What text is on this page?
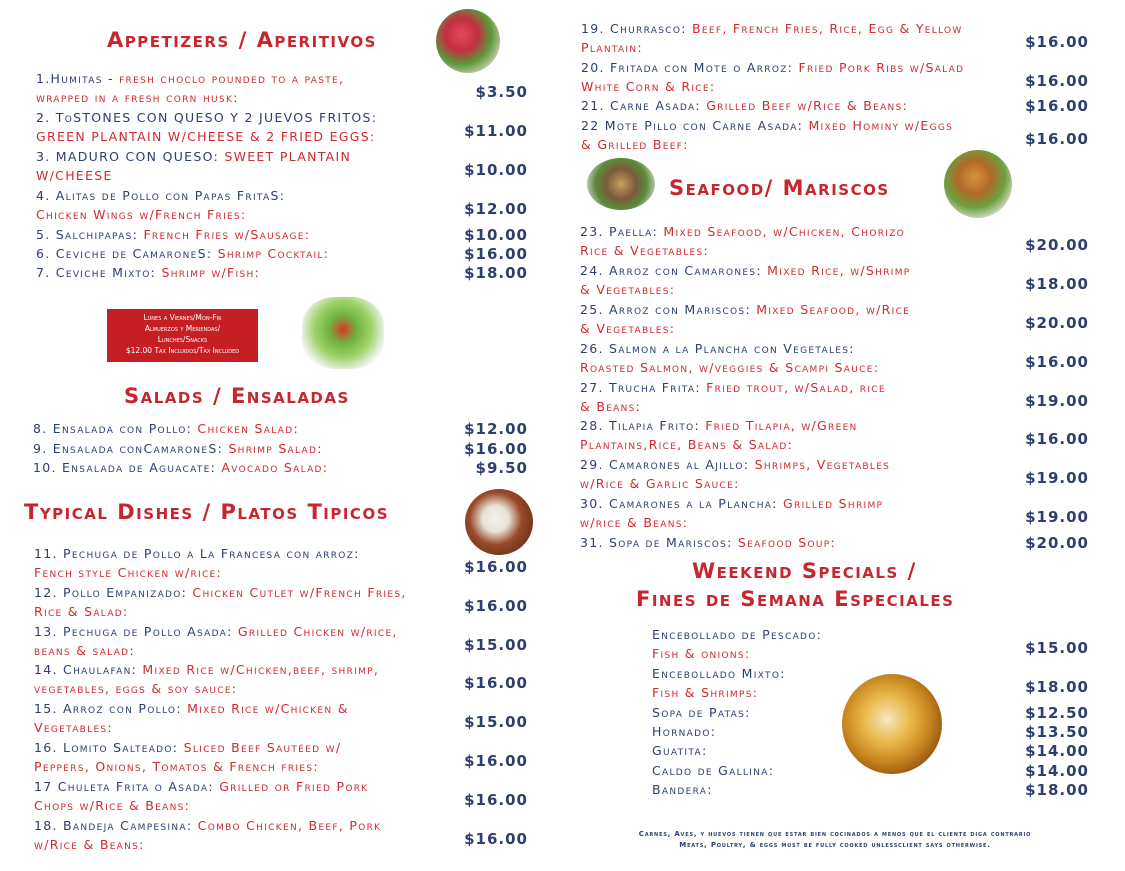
Appetizers / Aperitivos
Salads / Ensaladas
Typical Dishes / Platos Tipicos
Seafood/ Mariscos
Weekend Specials /
Fines de Semana Especiales
Lunes a Viernes/Mon-Fri
Almuerzos y Meriendas/
Lunches/Snacks
$12.00 Tax Incluidos/Tax Included
1.Humitas - fresh choclo pounded to a paste,
wrapped in a fresh corn husk:	$3.50
2. ToSTONES CON QUESO Y 2 JUEVOS FRITOS:
GREEN PLANTAIN W/CHEESE & 2 FRIED EGGS:	$11.00
3. MADURO CON QUESO: SWEET PLANTAIN
W/CHEESE	$10.00
4. Alitas de Pollo con Papas FritaS:
Chicken Wings w/French Fries:	$12.00
5. Salchipapas: French Fries w/Sausage:	$10.00
6. Ceviche de CamaroneS: Shrimp Cocktail:	$16.00
7. Ceviche Mixto: Shrimp w/Fish:	$18.00
8. Ensalada con Pollo: Chicken Salad:	$12.00
9. Ensalada conCamaroneS: Shrimp Salad:	$16.00
10. Ensalada de Aguacate: Avocado Salad:	$9.50
11. Pechuga de Pollo a La Francesa con arroz:
Fench style Chicken w/rice:	$16.00
12. Pollo Empanizado: Chicken Cutlet w/French Fries,
Rice & Salad:	$16.00
13. Pechuga de Pollo Asada: Grilled Chicken w/rice,
beans & salad:	$15.00
14. Chaulafan: Mixed Rice w/Chicken,beef, shrimp,
vegetables, eggs & soy sauce:	$16.00
15. Arroz con Pollo: Mixed Rice w/Chicken &
Vegetables:	$15.00
16. Lomito Salteado: Sliced Beef Sautéed w/
Peppers, Onions, Tomatos & French fries:	$16.00
17 Chuleta Frita o Asada: Grilled or Fried Pork
Chops w/Rice & Beans:	$16.00
18. Bandeja Campesina: Combo Chicken, Beef, Pork
w/Rice & Beans:	$16.00
19. Churrasco: Beef, French Fries, Rice, Egg & Yellow
Plantain:	$16.00
20. Fritada con Mote o Arroz: Fried Pork Ribs w/Salad
White Corn & Rice:	$16.00
21. Carne Asada: Grilled Beef w/Rice & Beans:	$16.00
22 Mote Pillo con Carne Asada: Mixed Hominy w/Eggs
& Grilled Beef:	$16.00
23. Paella: Mixed Seafood, w/Chicken, Chorizo
Rice & Vegetables:	$20.00
24. Arroz con Camarones: Mixed Rice, w/Shrimp
& Vegetables:	$18.00
25. Arroz con Mariscos: Mixed Seafood, w/Rice
& Vegetables:	$20.00
26. Salmon a la Plancha con Vegetales:
Roasted Salmon, w/veggies & Scampi Sauce:	$16.00
27. Trucha Frita: Fried trout, w/Salad, rice
& Beans:	$19.00
28. Tilapia Frito: Fried Tilapia, w/Green
Plantains,Rice, Beans & Salad:	$16.00
29. Camarones al Ajillo: Shrimps, Vegetables
w/Rice & Garlic Sauce:	$19.00
30. Camarones a la Plancha: Grilled Shrimp
w/rice & Beans:	$19.00
31. Sopa de Mariscos: Seafood Soup:	$20.00
Encebollado de Pescado:
Fish & onions:	$15.00
Encebollado Mixto:
Fish & Shrimps:	$18.00
Sopa de Patas:	$12.50
Hornado:	$13.50
Guatita:	$14.00
Caldo de Gallina:	$14.00
Bandera:	$18.00
Carnes, Aves, y huevos tienen que estar bien cocinados a menos que el cliente diga contrario
Meats, Poultry, & eggs must be fully cooked unlessclient says otherwise.
